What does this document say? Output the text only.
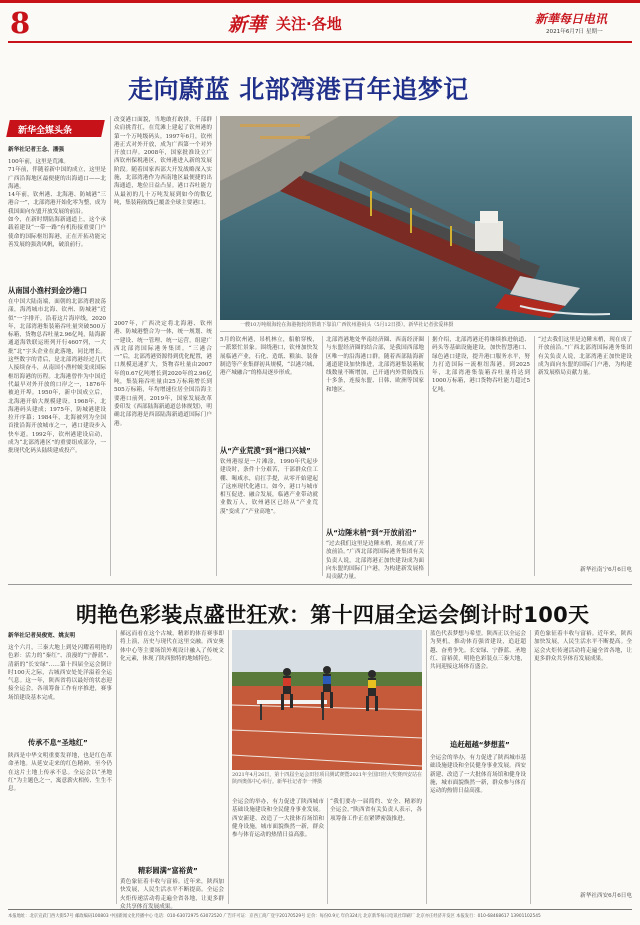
8	新華 关注·各地	新華每日电讯
2021年6月7日 星期一
走向蔚蓝 北部湾港百年追梦记
新华全媒头条
新华社记者王念、潘强
100年前，这里是荒滩。
71年前，伴随着新中国的成立，这里是广西沿海地区最便捷的出海通口——北海港。
14年前，钦州港、北海港、防城港“三港合一”，北部湾港开始化零为整，成为我国面向东盟开放发展的前沿。
如今，在新时期陆海新通道上，这个承载着建设“一带一路”有机衔接重要门户使命的国际枢纽海港，正在开拓功能完善发展的强劲风帆，破浪前行。
从南国小渔村到金沙港口
在中国大陆南端，面朝的北部湾碧波荡漾，海湾城市北海、钦州、防城港“近似”一字排开。沿着这片海岸线，2020年，北部湾港集装箱吞吐量突破500万标箱，货物总吞吐量2.96亿吨，陆海新通道海铁联运班列开行4607列，一大批“北”字头企业在此落地，同比增长。这些数字的背后，是北部湾港经过几代人接续奋斗，从南国小渔村蜕变成国际枢纽海港的历程。北海港曾作为中国近代最早对外开放的口岸之一，1876年被迫开埠。1950年，新中国成立后，北海港开始大规模建设。1968年，北海港码头建成；1975年，防城港建设拉开序幕；1984年，北海被列为全国首批沿海开放城市之一，港口建设步入快车道。1992年，钦州港建设启动，成为“北部湾港区”的重要组成部分，一批现代化码头陆续建成投产。
改变港口面貌，当地敢打敢拼，千部群众肩挑背扛，在荒滩上建起了钦州港的第一个万吨级码头。1997年6月，钦州港正式对外开放，成为广西第一个对外开放口岸。2008年，国家批准设立广西钦州保税港区，钦州港进入新的发展阶段。随着国家西部大开发战略深入实施，北部湾港作为西南地区最便捷的出海通道，地位日益凸显。港口吞吐能力从最初的几十万吨发展到如今的数亿吨，集装箱航线已覆盖全球主要港口。
2007年，广西决定将北海港、钦州港、防城港整合为一体，统一规划、统一建设、统一管理、统一运营，组建广西北部湾国际港务集团。“三港合一”后，北部湾港资源得到优化配置，港口规模迅速扩大，货物吞吐量由2007年的0.67亿吨增长到2020年的2.96亿吨，集装箱吞吐量由25万标箱增长到505万标箱，年均增速位居全国沿海主要港口前列。2019年，国家发展改革委印发《西部陆海新通道总体规划》，明确北部湾港是西部陆海新通道国际门户港。
一艘10万吨级海轮在海港拖轮的帮助下靠泊广西钦州港码头（5月12日摄）。新华社记者张爱林摄
5月的钦州港，吊机林立，船舶穿梭，一派繁忙景象。围绕港口，钦州加快发展临港产业，石化、造纸、粮油、装备制造等产业集群初具规模，“以港兴城、港产城融合”的格局逐步形成。
从“产业荒漠”到“港口兴城”
钦州港原是一片滩涂，1990年代起步建设时，条件十分艰苦，干部群众住工棚、喝咸水，肩扛手提，从零开始建起了这座现代化港口。如今，港口与城市相互促进、融合发展，临港产业带动就业数万人，钦州港区已经从“产业荒漠”变成了“产业高地”。
北部湾港地处华南经济圈、西南经济圈与东盟经济圈的结合部，是我国西部地区唯一的沿海港口群。随着西部陆海新通道建设加快推进，北部湾港集装箱航线数量不断增加，已开通内外贸航线五十多条，连接东盟、日韩、欧洲等国家和地区。
从“边陲末梢”到“开放前沿”
“过去我们这里是边陲末梢，现在成了开放前沿。”广西北部湾国际港务集团有关负责人说，北部湾港正加快建设成为面向东盟的国际门户港，为构建新发展格局贡献力量。
据介绍，北部湾港还将继续推进航道、码头等基础设施建设，加快智慧港口、绿色港口建设，提升港口服务水平，努力打造国际一流枢纽海港。到2025年，北部湾港集装箱吞吐量将达到1000万标箱，港口货物吞吐能力超过5亿吨。
“过去我们这里是边陲末梢，现在成了开放前沿。”广西北部湾国际港务集团有关负责人说，北部湾港正加快建设成为面向东盟的国际门户港，为构建新发展格局贡献力量。
新华社南宁6月6日电
明艳色彩装点盛世狂欢：第十四届全运会倒计时100天
新华社记者吴俊宽、姚友明
这个六月，三秦大地上到处闪耀着明艳的色彩：活力的“秦红”、浪漫的“宁静蓝”、清新的“长安绿”……第十四届全运会倒计时100天之际，古城西安处处洋溢着全运气息。这一年，陕西省将以最好的状态迎接全运会，各项筹备工作有序推进，赛事场馆建设基本完成。
传承不息“圣地红”
陕西是中华文明重要发祥地，也是红色革命圣地。从延安走来的红色精神，至今仍在这片土地上传承不息。全运会以“圣地红”为主题色之一，寓意薪火相传、生生不息。
郝远而看在这个古城，精彩的体育赛事即将上演，历史与现代在这里交融。西安奥体中心等主要场馆外观设计融入了传统文化元素，体现了陕西独特的地域特色。
精彩圆满“富裕黄”
黄色象征着丰收与富裕。近年来，陕西加快发展，人民生活水平不断提高。全运会火炬传递活动将走遍全省各地，让更多群众共享体育发展成果。
2021年4月26日，第十四届全运会田径项目测试赛暨2021年全国田径大奖赛西安站在陕西奥体中心举行。新华社记者李一博摄
全运会的举办，有力促进了陕西城市基础设施建设和全民健身事业发展。西安新建、改造了一大批体育场馆和健身设施，城市面貌焕然一新，群众参与体育运动的热情日益高涨。
“我们要办一届简约、安全、精彩的全运会。”陕西省有关负责人表示，各项筹备工作正在紧锣密鼓推进。
蓝色代表梦想与希望。陕西正以全运会为契机，推动体育强省建设，追赶超越、奋勇争先。长安绿、宁静蓝、圣地红、富裕黄，明艳色彩装点三秦大地，共同迎接这场体育盛会。
追赶超越“梦想蓝”
全运会的举办，有力促进了陕西城市基础设施建设和全民健身事业发展。西安新建、改造了一大批体育场馆和健身设施，城市面貌焕然一新，群众参与体育运动的热情日益高涨。
黄色象征着丰收与富裕。近年来，陕西加快发展，人民生活水平不断提高。全运会火炬传递活动将走遍全省各地，让更多群众共享体育发展成果。
新华社西安6月6日电
本报地址：北京宣武门西大街57号 邮政编码100803 中国新闻文化传播中心 电话：010-63072975 63072520 广告许可证：京西工商广登字20170529号 定价：每份0.9元 年价324元 北京新华每日电讯社印刷厂 北京亦庄经济开发区 本报发行：010-68468617 13901102545
